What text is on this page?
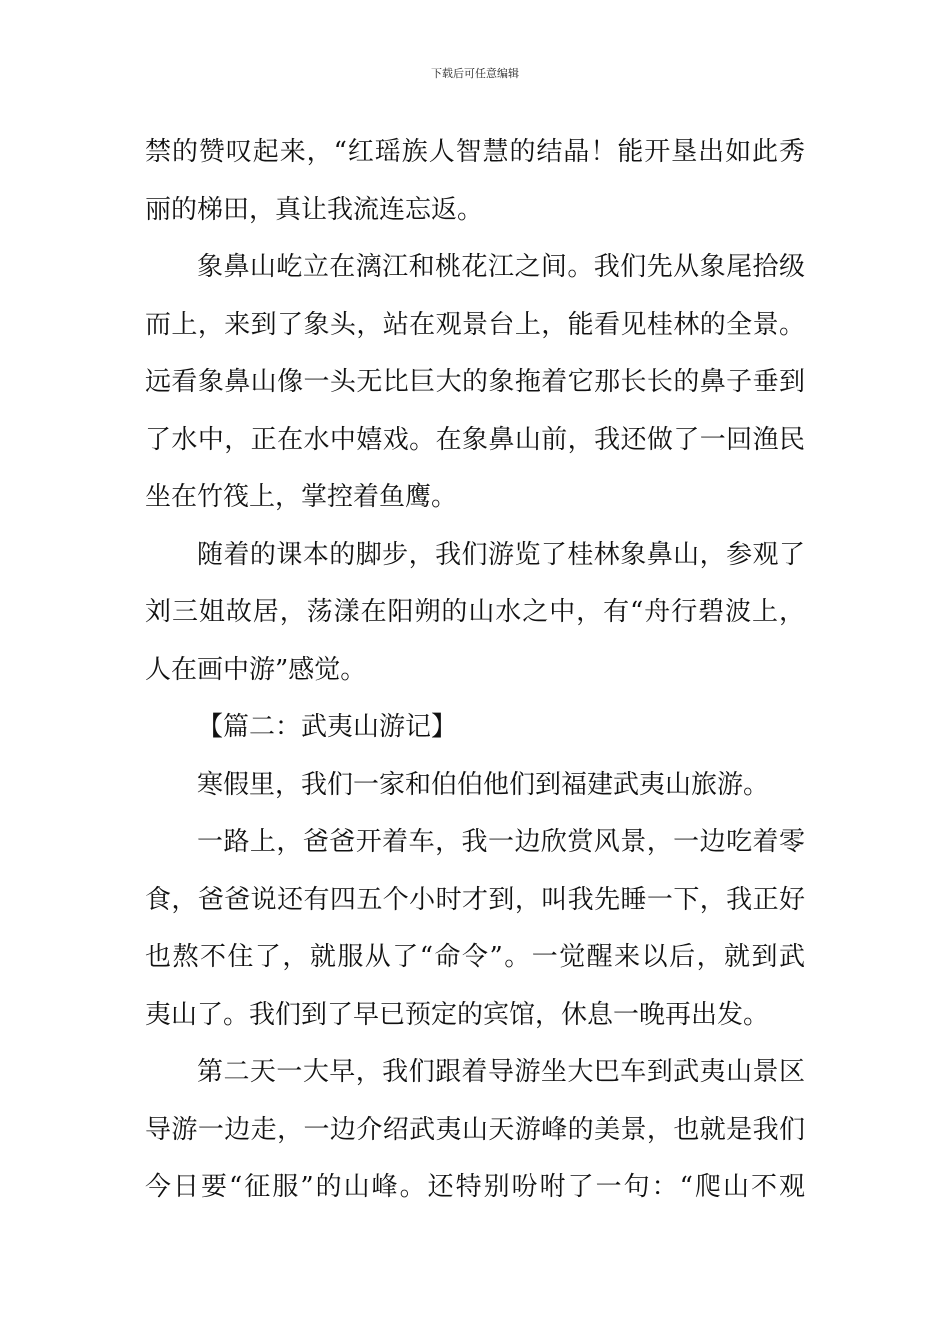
下载后可任意编辑
禁的赞叹起来，“红瑶族人智慧的结晶！能开垦出如此秀
丽的梯田，真让我流连忘返。
象鼻山屹立在漓江和桃花江之间。我们先从象尾拾级
而上，来到了象头，站在观景台上，能看见桂林的全景。
远看象鼻山像一头无比巨大的象拖着它那长长的鼻子垂到
了水中，正在水中嬉戏。在象鼻山前，我还做了一回渔民
坐在竹筏上，掌控着鱼鹰。
随着的课本的脚步，我们游览了桂林象鼻山，参观了
刘三姐故居，荡漾在阳朔的山水之中，有“舟行碧波上，
人在画中游”感觉。
【篇二：武夷山游记】
寒假里，我们一家和伯伯他们到福建武夷山旅游。
一路上，爸爸开着车，我一边欣赏风景，一边吃着零
食，爸爸说还有四五个小时才到，叫我先睡一下，我正好
也熬不住了，就服从了“命令”。一觉醒来以后，就到武
夷山了。我们到了早已预定的宾馆，休息一晚再出发。
第二天一大早，我们跟着导游坐大巴车到武夷山景区
导游一边走，一边介绍武夷山天游峰的美景，也就是我们
今日要“征服”的山峰。还特别吩咐了一句：“爬山不观
